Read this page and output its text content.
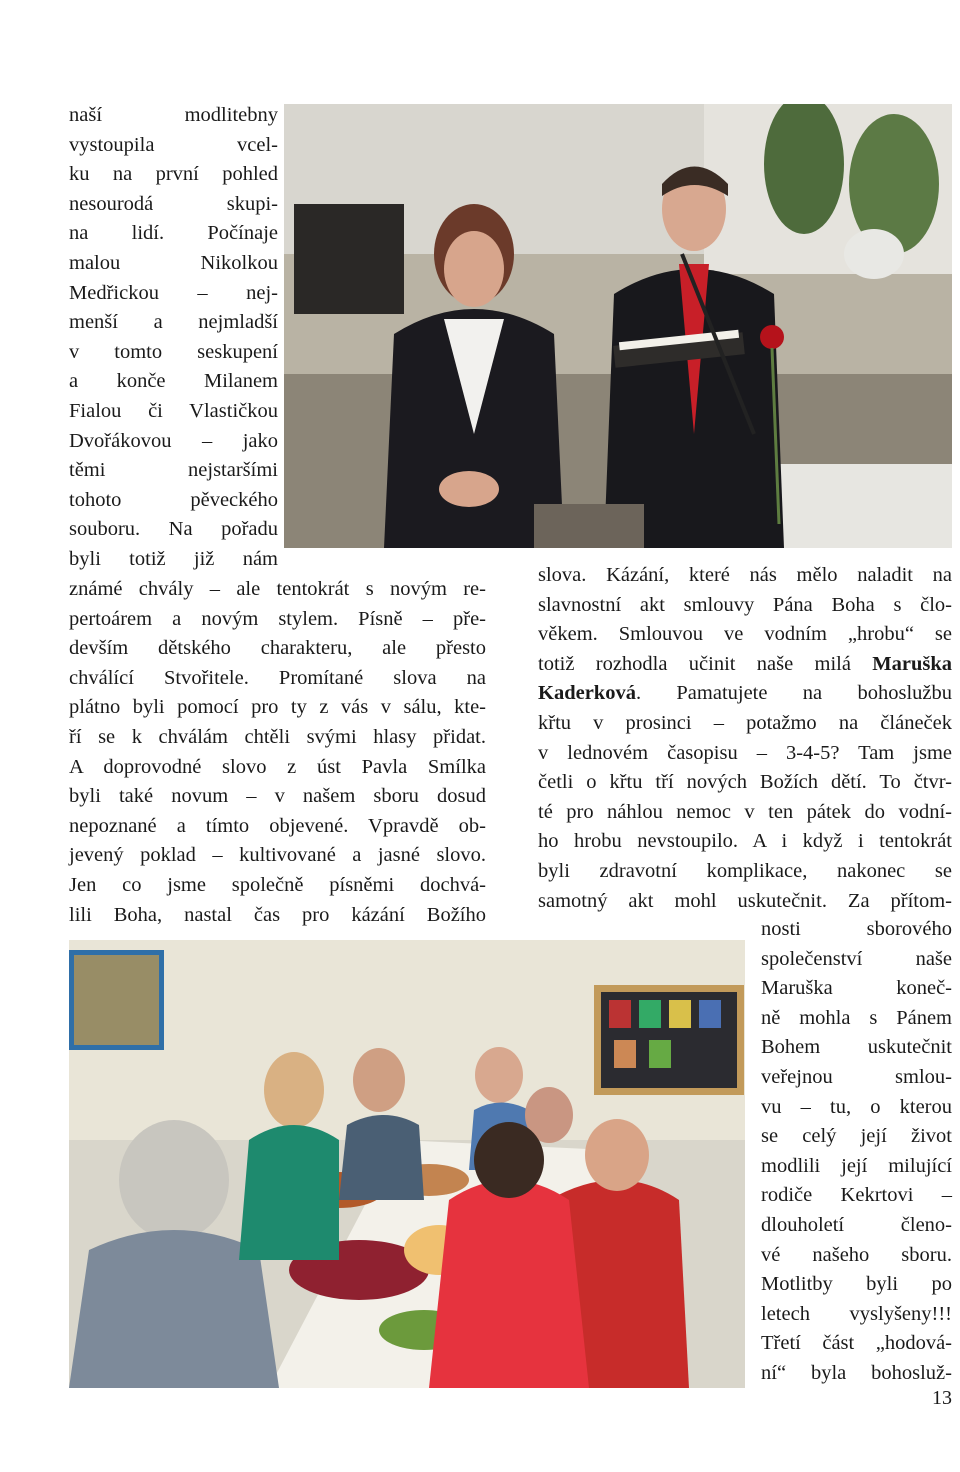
naší modlitebny
vystoupila vcel-
ku na první pohled
nesourodá skupi-
na lidí. Počínaje
malou Nikolkou
Medřickou – nej-
menší a nejmladší
v tomto seskupení
a konče Milanem
Fialou či Vlastičkou
Dvořákovou – jako
těmi nejstaršími
tohoto pěveckého
souboru. Na pořadu
byli totiž již nám
známé chvály – ale tentokrát s novým re-
pertoárem a novým stylem. Písně – pře-
devším dětského charakteru, ale přesto
chválící Stvořitele. Promítané slova na
plátno byli pomocí pro ty z vás v sálu, kte-
ří se k chválám chtěli svými hlasy přidat.
A doprovodné slovo z úst Pavla Smílka
byli také novum – v našem sboru dosud
nepoznané a tímto objevené. Vpravdě ob-
jevený poklad – kultivované a jasné slovo.
Jen co jsme společně písněmi dochvá-
lili Boha, nastal čas pro kázání Božího
slova. Kázání, které nás mělo naladit na
slavnostní akt smlouvy Pána Boha s člo-
věkem. Smlouvou ve vodním „hrobu“ se
totiž rozhodla učinit naše milá Maruška
Kaderková. Pamatujete na bohoslužbu
křtu v prosinci – potažmo na článeček
v lednovém časopisu – 3-4-5? Tam jsme
četli o křtu tří nových Božích dětí. To čtvr-
té pro náhlou nemoc v ten pátek do vodní-
ho hrobu nevstoupilo. A i když i tentokrát
byli zdravotní komplikace, nakonec se
samotný akt mohl uskutečnit. Za přítom-
nosti sborového
společenství naše
Maruška koneč-
ně mohla s Pánem
Bohem uskutečnit
veřejnou smlou-
vu – tu, o kterou
se celý její život
modlili její milující
rodiče Kekrtovi –
dlouholetí členo-
vé našeho sboru.
Motlitby byli po
letech vyslyšeny!!!
Třetí část „hodová-
ní“ byla bohosluž-
13
